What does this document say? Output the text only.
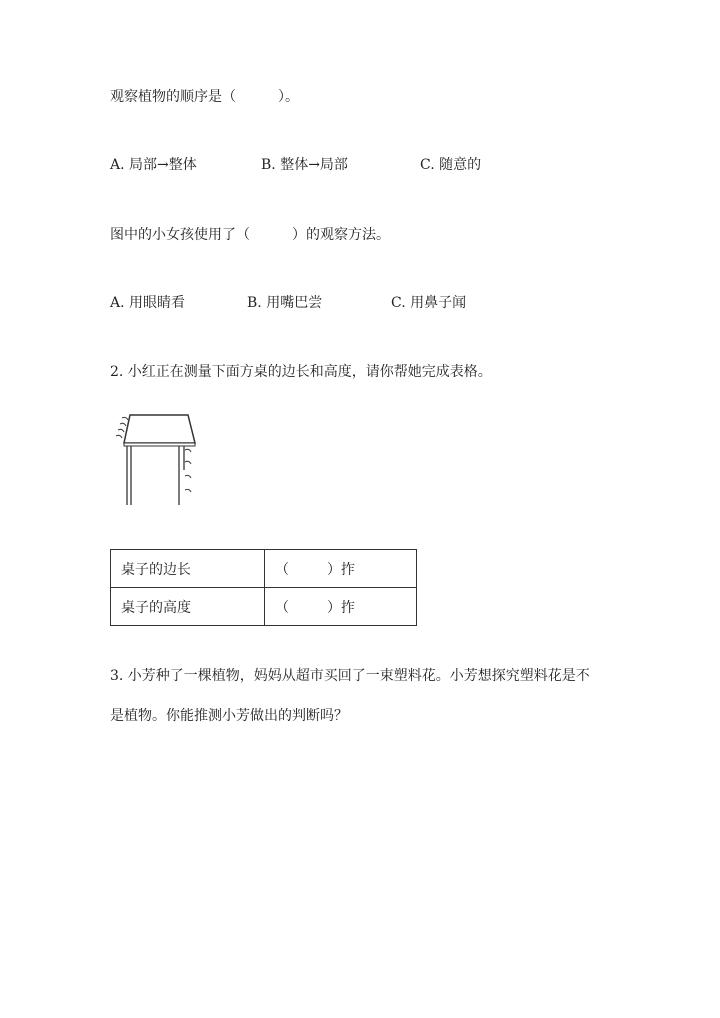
观察植物的顺序是（　　　）。
A. 局部→整体	B. 整体→局部	C. 随意的
图中的小女孩使用了（　　　）的观察方法。
A. 用眼睛看	B. 用嘴巴尝	C. 用鼻子闻
2. 小红正在测量下面方桌的边长和高度，请你帮她完成表格。
桌子的边长	（ ）拃
桌子的高度	（ ）拃
3. 小芳种了一棵植物，妈妈从超市买回了一束塑料花。小芳想探究塑料花是不
是植物。你能推测小芳做出的判断吗？
